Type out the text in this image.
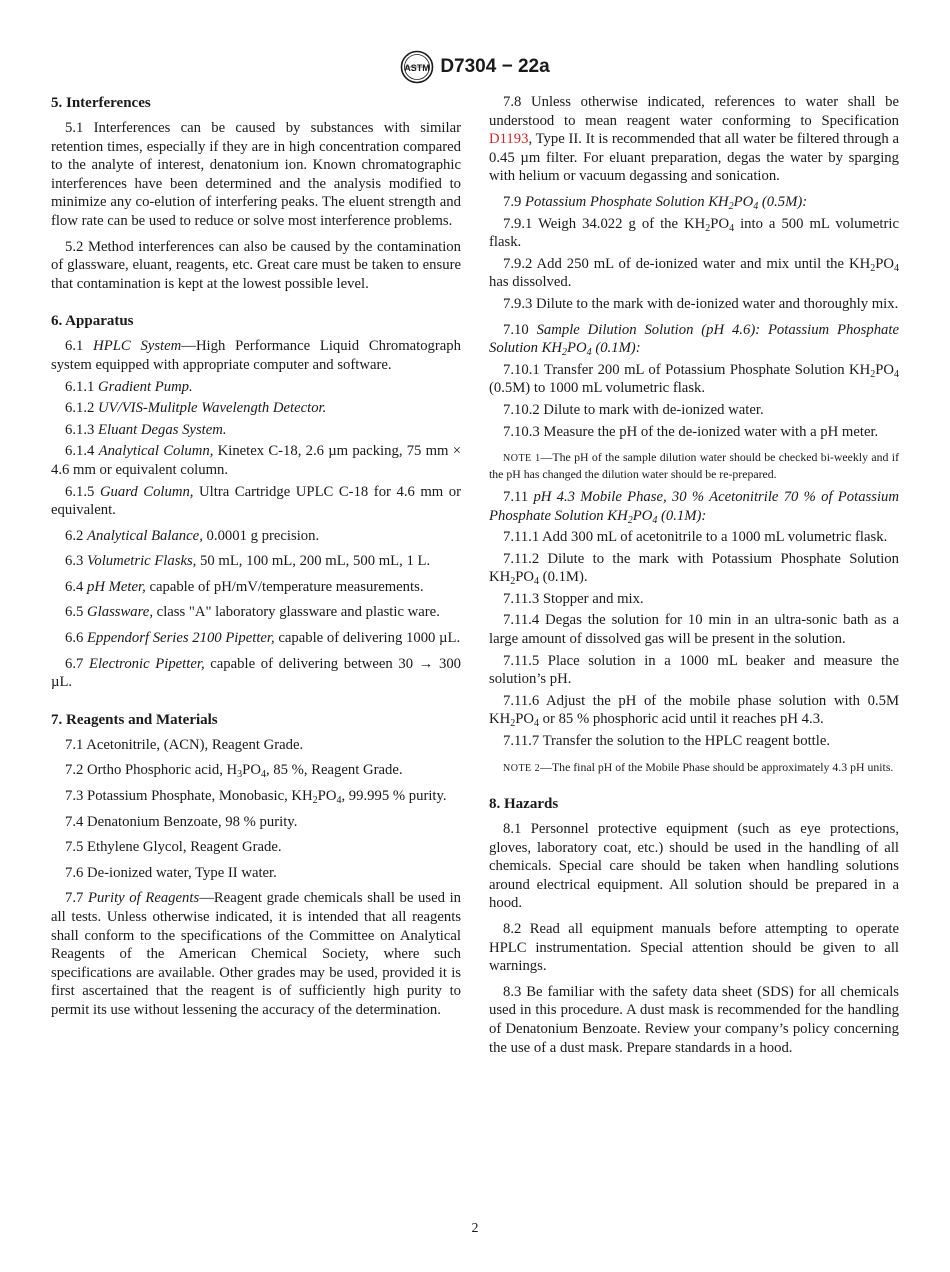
ASTM D7304 − 22a
5. Interferences

5.1 Interferences can be caused by substances with similar retention times, especially if they are in high concentration compared to the analyte of interest, denatonium ion. Known chromatographic interferences have been determined and the analysis modified to minimize any co-elution of interfering peaks. The eluent strength and flow rate can be used to reduce or solve most interference problems.

5.2 Method interferences can also be caused by the contamination of glassware, eluant, reagents, etc. Great care must be taken to ensure that contamination is kept at the lowest possible level.

6. Apparatus

6.1 HPLC System—High Performance Liquid Chromatograph system equipped with appropriate computer and software.

6.1.1 Gradient Pump.

6.1.2 UV/VIS-Mulitple Wavelength Detector.

6.1.3 Eluant Degas System.

6.1.4 Analytical Column, Kinetex C-18, 2.6 µm packing, 75 mm × 4.6 mm or equivalent column.

6.1.5 Guard Column, Ultra Cartridge UPLC C-18 for 4.6 mm or equivalent.

6.2 Analytical Balance, 0.0001 g precision.

6.3 Volumetric Flasks, 50 mL, 100 mL, 200 mL, 500 mL, 1 L.

6.4 pH Meter, capable of pH/mV/temperature measurements.

6.5 Glassware, class "A" laboratory glassware and plastic ware.

6.6 Eppendorf Series 2100 Pipetter, capable of delivering 1000 µL.

6.7 Electronic Pipetter, capable of delivering between 30 → 300 µL.

7. Reagents and Materials

7.1 Acetonitrile, (ACN), Reagent Grade.

7.2 Ortho Phosphoric acid, $H_3PO_4$, 85 %, Reagent Grade.

7.3 Potassium Phosphate, Monobasic, $KH_2PO_4$, 99.995 % purity.

7.4 Denatonium Benzoate, 98 % purity.

7.5 Ethylene Glycol, Reagent Grade.

7.6 De-ionized water, Type II water.

7.7 Purity of Reagents—Reagent grade chemicals shall be used in all tests. Unless otherwise indicated, it is intended that all reagents shall conform to the specifications of the Committee on Analytical Reagents of the American Chemical Society, where such specifications are available. Other grades may be used, provided it is first ascertained that the reagent is of sufficiently high purity to permit its use without lessening the accuracy of the determination.

7.8 Unless otherwise indicated, references to water shall be understood to mean reagent water conforming to Specification D1193, Type II. It is recommended that all water be filtered through a 0.45 µm filter. For eluant preparation, degas the water by sparging with helium or vacuum degassing and sonication.

7.9 Potassium Phosphate Solution $KH_2PO_4$ (0.5M):

7.9.1 Weigh 34.022 g of the $KH_2PO_4$ into a 500 mL volumetric flask.

7.9.2 Add 250 mL of de-ionized water and mix until the $KH_2PO_4$ has dissolved.

7.9.3 Dilute to the mark with de-ionized water and thoroughly mix.

7.10 Sample Dilution Solution (pH 4.6): Potassium Phosphate Solution $KH_2PO_4$ (0.1M):

7.10.1 Transfer 200 mL of Potassium Phosphate Solution $KH_2PO_4$ (0.5M) to 1000 mL volumetric flask.

7.10.2 Dilute to mark with de-ionized water.

7.10.3 Measure the pH of the de-ionized water with a pH meter.

NOTE 1—The pH of the sample dilution water should be checked bi-weekly and if the pH has changed the dilution water should be re-prepared.

7.11 pH 4.3 Mobile Phase, 30 % Acetonitrile 70 % of Potassium Phosphate Solution $KH_2PO_4$ (0.1M):

7.11.1 Add 300 mL of acetonitrile to a 1000 mL volumetric flask.

7.11.2 Dilute to the mark with Potassium Phosphate Solution $KH_2PO_4$ (0.1M).

7.11.3 Stopper and mix.

7.11.4 Degas the solution for 10 min in an ultra-sonic bath as a large amount of dissolved gas will be present in the solution.

7.11.5 Place solution in a 1000 mL beaker and measure the solution’s pH.

7.11.6 Adjust the pH of the mobile phase solution with 0.5M $KH_2PO_4$ or 85 % phosphoric acid until it reaches pH 4.3.

7.11.7 Transfer the solution to the HPLC reagent bottle.

NOTE 2—The final pH of the Mobile Phase should be approximately 4.3 pH units.
8. Hazards

8.1 Personnel protective equipment (such as eye protections, gloves, laboratory coat, etc.) should be used in the handling of all chemicals. Special care should be taken when handling solutions around electrical equipment. All solution should be prepared in a hood.

8.2 Read all equipment manuals before attempting to operate HPLC instrumentation. Special attention should be given to all warnings.

8.3 Be familiar with the safety data sheet (SDS) for all chemicals used in this procedure. A dust mask is recommended for the handling of Denatonium Benzoate. Review your company’s policy concerning the use of a dust mask. Prepare standards in a hood.

2
